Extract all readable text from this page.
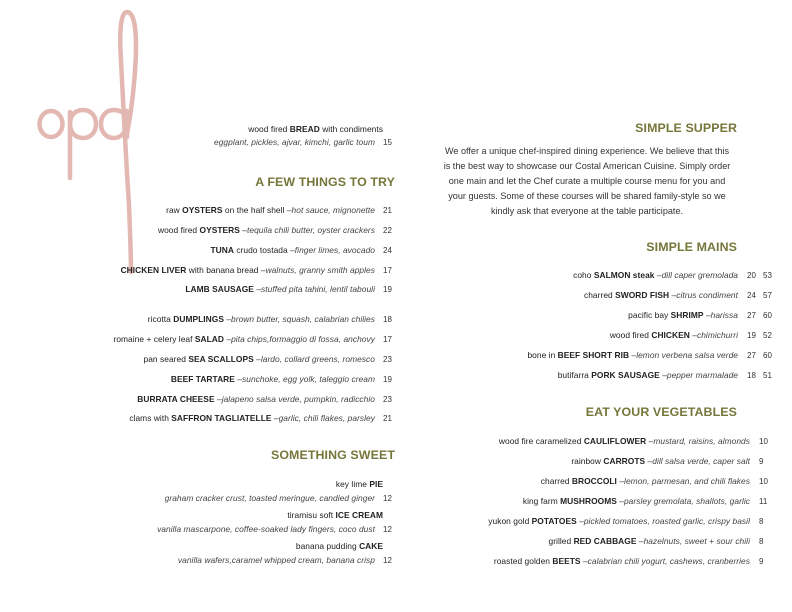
wood fired BREAD with condiments
eggplant, pickles, ajvar, kimchi, garlic toum	15
A FEW THINGS TO TRY
raw OYSTERS on the half shell –hot sauce, mignonette	21
wood fired OYSTERS –tequila chili butter, oyster crackers	22
TUNA crudo tostada –finger limes, avocado	24
CHICKEN LIVER with banana bread –walnuts, granny smith apples	17
LAMB SAUSAGE –stuffed pita tahini, lentil tabouli	19
ricotta DUMPLINGS –brown butter, squash, calabrian chilies	18
romaine + celery leaf SALAD –pita chips,formaggio di fossa, anchovy	17
pan seared SEA SCALLOPS –lardo, collard greens, romesco	23
BEEF TARTARE –sunchoke, egg yolk, taleggio cream	19
BURRATA CHEESE –jalapeno salsa verde, pumpkin, radicchio	23
clams with SAFFRON TAGLIATELLE –garlic, chili flakes, parsley	21
SOMETHING SWEET
key lime PIE
graham cracker crust, toasted meringue, candied ginger	12
tiramisu soft ICE CREAM
vanilla mascarpone, coffee-soaked lady fingers, coco dust	12
banana pudding CAKE
vanilla wafers,caramel whipped cream, banana crisp	12
SIMPLE SUPPER
We offer a unique chef-inspired dining experience. We believe that this
is the best way to showcase our Costal American Cuisine. Simply order
one main and let the Chef curate a multiple course menu for you and
your guests. Some of these courses will be shared family-style so we
kindly ask that everyone at the table participate.
SIMPLE MAINS
coho SALMON steak –dill caper gremolada	20 53
charred SWORD FISH –citrus condiment	24 57
pacific bay SHRIMP –harissa	27 60
wood fired CHICKEN –chimichurri	19 52
bone in BEEF SHORT RIB –lemon verbena salsa verde	27 60
butifarra PORK SAUSAGE –pepper marmalade	18 51
EAT YOUR VEGETABLES
wood fire caramelized CAULIFLOWER –mustard, raisins, almonds	10
rainbow CARROTS –dill salsa verde, caper salt	9
charred BROCCOLI –lemon, parmesan, and chili flakes	10
king farm MUSHROOMS –parsley gremolata, shallots, garlic	11
yukon gold POTATOES –pickled tomatoes, roasted garlic, crispy basil	8
grilled RED CABBAGE –hazelnuts, sweet + sour chili	8
roasted golden BEETS –calabrian chili yogurt, cashews, cranberries	9
